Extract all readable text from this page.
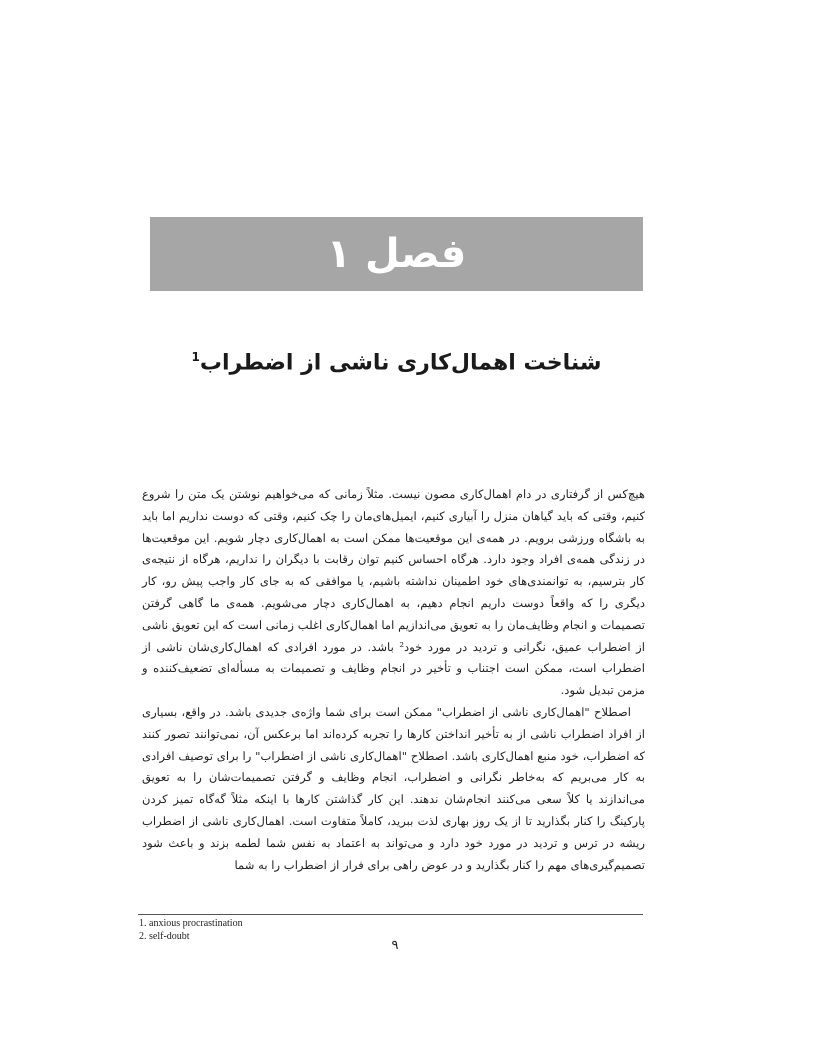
فصل ۱
شناخت اهمال‌کاری ناشی از اضطراب$^1$

هیچ‌کس از گرفتاری در دام اهمال‌کاری مصون نیست. مثلاً زمانی که می‌خواهیم نوشتن یک متن را شروع کنیم، وقتی که باید گیاهان منزل را آبیاری کنیم، ایمیل‌های‌مان را چک کنیم، وقتی که دوست نداریم اما باید به باشگاه ورزشی برویم. در همه‌ی این موقعیت‌ها ممکن است به اهمال‌کاری دچار شویم. این موقعیت‌ها در زندگی همه‌ی افراد وجود دارد. هرگاه احساس کنیم توان رقابت با دیگران را نداریم، هرگاه از نتیجه‌ی کار بترسیم، به توانمندی‌های خود اطمینان نداشته باشیم، یا موافقی که به جای کار واجب پیش رو، کار دیگری را که واقعاً دوست داریم انجام دهیم، به اهمال‌کاری دچار می‌شویم. همه‌ی ما گاهی گرفتن تصمیمات و انجام وظایف‌مان را به تعویق می‌اندازیم اما اهمال‌کاری اغلب زمانی است که این تعویق ناشی از اضطراب عمیق، نگرانی و تردید در مورد خود² باشد. در مورد افرادی که اهمال‌کاری‌شان ناشی از اضطراب است، ممکن است اجتناب و تأخیر در انجام وظایف و تصمیمات به مسأله‌ای تضعیف‌کننده و مزمن تبدیل شود.

اصطلاح "اهمال‌کاری ناشی از اضطراب" ممکن است برای شما واژه‌ی جدیدی باشد. در واقع، بسیاری از افراد اضطراب ناشی از به تأخیر انداختن کارها را تجربه کرده‌اند اما برعکس آن، نمی‌توانند تصور کنند که اضطراب، خود منبع اهمال‌کاری باشد. اصطلاح "اهمال‌کاری ناشی از اضطراب" را برای توصیف افرادی به کار می‌بریم که به‌خاطر نگرانی و اضطراب، انجام وظایف و گرفتن تصمیمات‌شان را به تعویق می‌اندازند یا کلاً سعی می‌کنند انجام‌شان ندهند. این کار گذاشتن کارها با اینکه مثلاً گه‌گاه تمیز کردن پارکینگ را کنار بگذارید تا از یک روز بهاری لذت ببرید، کاملاً متفاوت است. اهمال‌کاری ناشی از اضطراب ریشه در ترس و تردید در مورد خود دارد و می‌تواند به اعتماد به نفس شما لطمه بزند و باعث شود تصمیم‌گیری‌های مهم را کنار بگذارید و در عوض راهی برای فرار از اضطراب را به شما

1. anxious procrastination
2. self-doubt
۹
